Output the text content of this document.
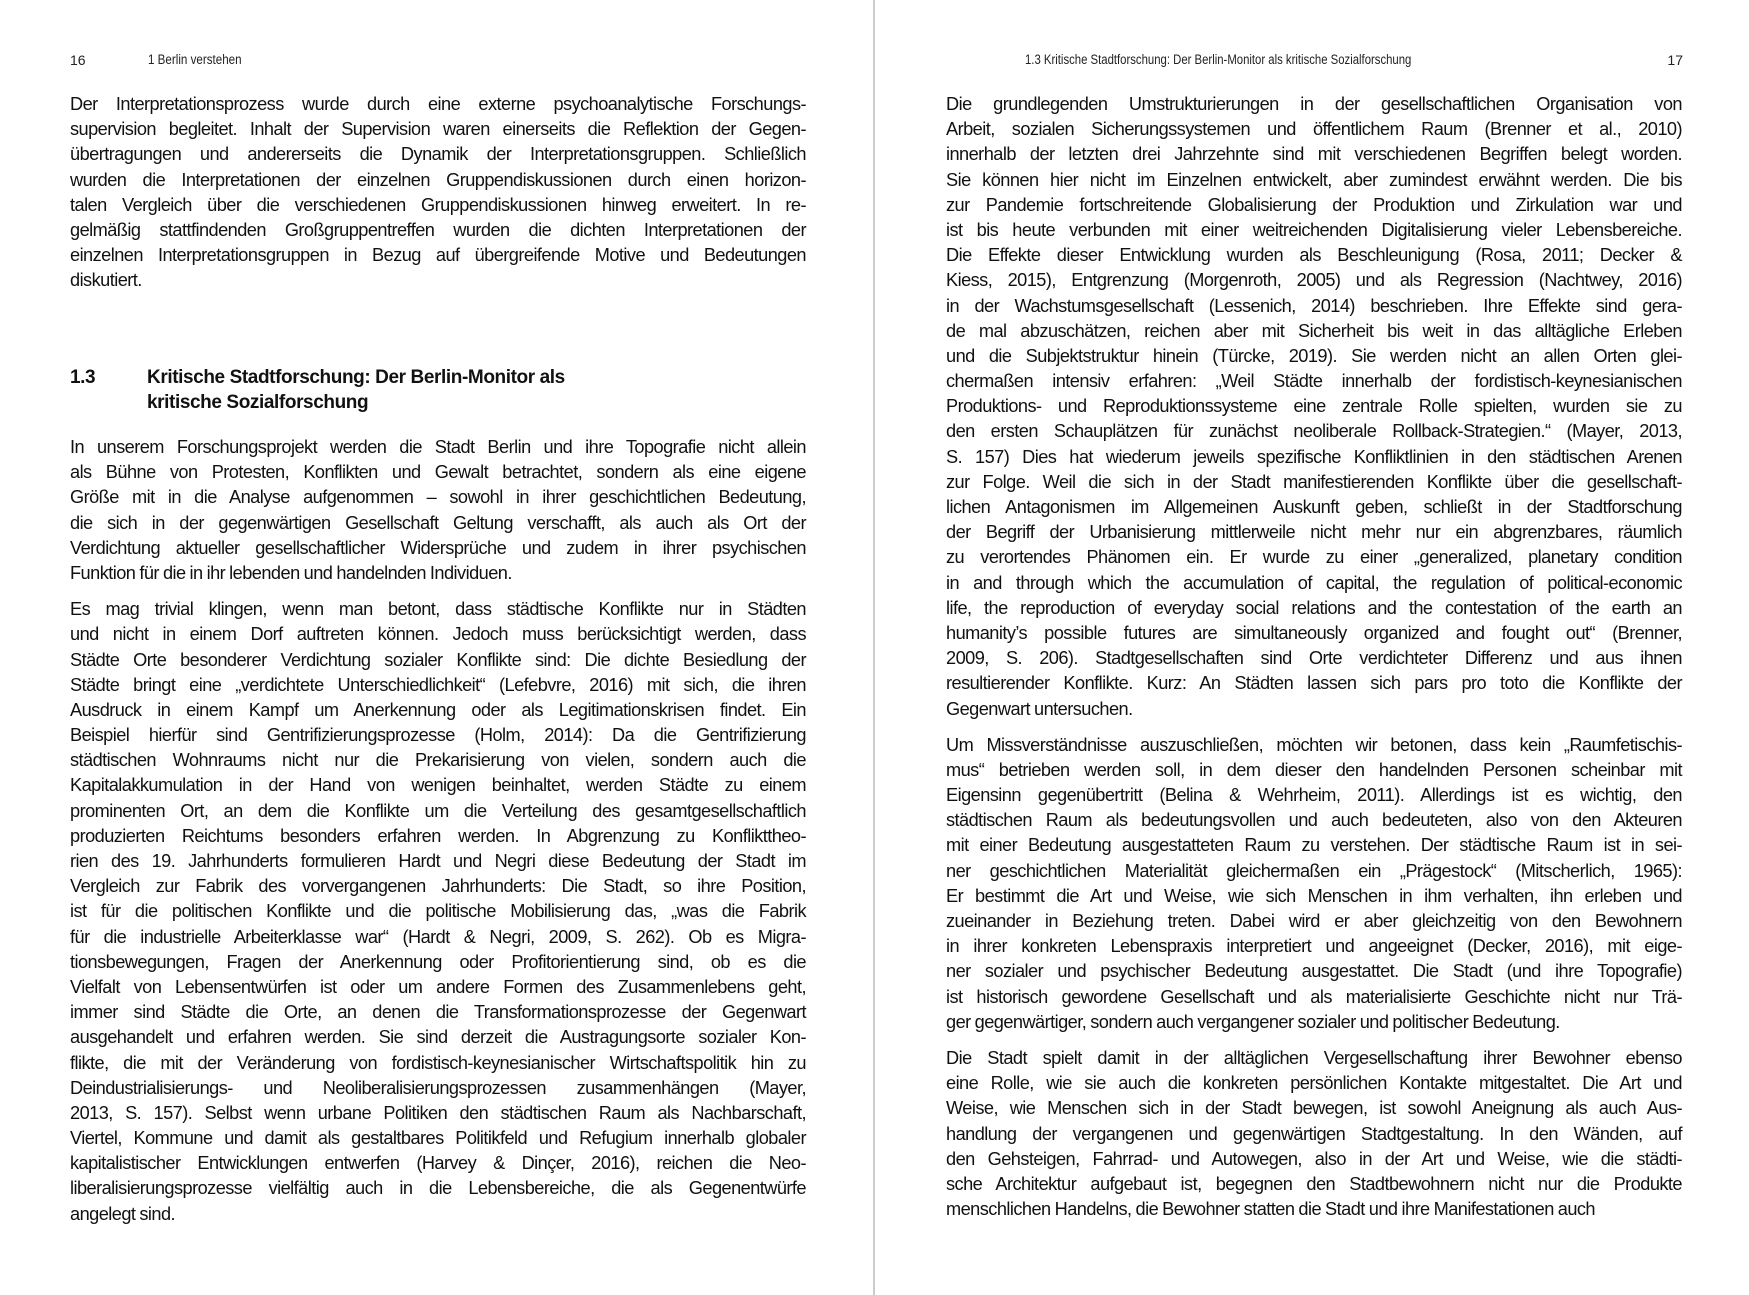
16	1 Berlin verstehen
Der Interpretationsprozess wurde durch eine externe psychoanalytische Forschungs-
supervision begleitet. Inhalt der Supervision waren einerseits die Reflektion der Gegen-
übertragungen und andererseits die Dynamik der Interpretationsgruppen. Schließlich
wurden die Interpretationen der einzelnen Gruppendiskussionen durch einen horizon-
talen Vergleich über die verschiedenen Gruppendiskussionen hinweg erweitert. In re-
gelmäßig stattfindenden Großgruppentreffen wurden die dichten Interpretationen der
einzelnen Interpretationsgruppen in Bezug auf übergreifende Motive und Bedeutungen
diskutiert.
1.3	Kritische Stadtforschung: Der Berlin-Monitor als
kritische Sozialforschung
In unserem Forschungsprojekt werden die Stadt Berlin und ihre Topografie nicht allein
als Bühne von Protesten, Konflikten und Gewalt betrachtet, sondern als eine eigene
Größe mit in die Analyse aufgenommen – sowohl in ihrer geschichtlichen Bedeutung,
die sich in der gegenwärtigen Gesellschaft Geltung verschafft, als auch als Ort der
Verdichtung aktueller gesellschaftlicher Widersprüche und zudem in ihrer psychischen
Funktion für die in ihr lebenden und handelnden Individuen.
Es mag trivial klingen, wenn man betont, dass städtische Konflikte nur in Städten
und nicht in einem Dorf auftreten können. Jedoch muss berücksichtigt werden, dass
Städte Orte besonderer Verdichtung sozialer Konflikte sind: Die dichte Besiedlung der
Städte bringt eine „verdichtete Unterschiedlichkeit“ (Lefebvre, 2016) mit sich, die ihren
Ausdruck in einem Kampf um Anerkennung oder als Legitimationskrisen findet. Ein
Beispiel hierfür sind Gentrifizierungsprozesse (Holm, 2014): Da die Gentrifizierung
städtischen Wohnraums nicht nur die Prekarisierung von vielen, sondern auch die
Kapitalakkumulation in der Hand von wenigen beinhaltet, werden Städte zu einem
prominenten Ort, an dem die Konflikte um die Verteilung des gesamtgesellschaftlich
produzierten Reichtums besonders erfahren werden. In Abgrenzung zu Konflikttheo-
rien des 19. Jahrhunderts formulieren Hardt und Negri diese Bedeutung der Stadt im
Vergleich zur Fabrik des vorvergangenen Jahrhunderts: Die Stadt, so ihre Position,
ist für die politischen Konflikte und die politische Mobilisierung das, „was die Fabrik
für die industrielle Arbeiterklasse war“ (Hardt & Negri, 2009, S. 262). Ob es Migra-
tionsbewegungen, Fragen der Anerkennung oder Profitorientierung sind, ob es die
Vielfalt von Lebensentwürfen ist oder um andere Formen des Zusammenlebens geht,
immer sind Städte die Orte, an denen die Transformationsprozesse der Gegenwart
ausgehandelt und erfahren werden. Sie sind derzeit die Austragungsorte sozialer Kon-
flikte, die mit der Veränderung von fordistisch-keynesianischer Wirtschaftspolitik hin zu
Deindustrialisierungs- und Neoliberalisierungsprozessen zusammenhängen (Mayer,
2013, S. 157). Selbst wenn urbane Politiken den städtischen Raum als Nachbarschaft,
Viertel, Kommune und damit als gestaltbares Politikfeld und Refugium innerhalb globaler
kapitalistischer Entwicklungen entwerfen (Harvey & Dinçer, 2016), reichen die Neo-
liberalisierungsprozesse vielfältig auch in die Lebensbereiche, die als Gegenentwürfe
angelegt sind.
1.3 Kritische Stadtforschung: Der Berlin-Monitor als kritische Sozialforschung	17
Die grundlegenden Umstrukturierungen in der gesellschaftlichen Organisation von
Arbeit, sozialen Sicherungssystemen und öffentlichem Raum (Brenner et al., 2010)
innerhalb der letzten drei Jahrzehnte sind mit verschiedenen Begriffen belegt worden.
Sie können hier nicht im Einzelnen entwickelt, aber zumindest erwähnt werden. Die bis
zur Pandemie fortschreitende Globalisierung der Produktion und Zirkulation war und
ist bis heute verbunden mit einer weitreichenden Digitalisierung vieler Lebensbereiche.
Die Effekte dieser Entwicklung wurden als Beschleunigung (Rosa, 2011; Decker &
Kiess, 2015), Entgrenzung (Morgenroth, 2005) und als Regression (Nachtwey, 2016)
in der Wachstumsgesellschaft (Lessenich, 2014) beschrieben. Ihre Effekte sind gera-
de mal abzuschätzen, reichen aber mit Sicherheit bis weit in das alltägliche Erleben
und die Subjektstruktur hinein (Türcke, 2019). Sie werden nicht an allen Orten glei-
chermaßen intensiv erfahren: „Weil Städte innerhalb der fordistisch-keynesianischen
Produktions- und Reproduktionssysteme eine zentrale Rolle spielten, wurden sie zu
den ersten Schauplätzen für zunächst neoliberale Rollback-Strategien.“ (Mayer, 2013,
S. 157) Dies hat wiederum jeweils spezifische Konfliktlinien in den städtischen Arenen
zur Folge. Weil die sich in der Stadt manifestierenden Konflikte über die gesellschaft-
lichen Antagonismen im Allgemeinen Auskunft geben, schließt in der Stadtforschung
der Begriff der Urbanisierung mittlerweile nicht mehr nur ein abgrenzbares, räumlich
zu verortendes Phänomen ein. Er wurde zu einer „generalized, planetary condition
in and through which the accumulation of capital, the regulation of political-economic
life, the reproduction of everyday social relations and the contestation of the earth an
humanity’s possible futures are simultaneously organized and fought out“ (Brenner,
2009, S. 206). Stadtgesellschaften sind Orte verdichteter Differenz und aus ihnen
resultierender Konflikte. Kurz: An Städten lassen sich pars pro toto die Konflikte der
Gegenwart untersuchen.
Um Missverständnisse auszuschließen, möchten wir betonen, dass kein „Raumfetischis-
mus“ betrieben werden soll, in dem dieser den handelnden Personen scheinbar mit
Eigensinn gegenübertritt (Belina & Wehrheim, 2011). Allerdings ist es wichtig, den
städtischen Raum als bedeutungsvollen und auch bedeuteten, also von den Akteuren
mit einer Bedeutung ausgestatteten Raum zu verstehen. Der städtische Raum ist in sei-
ner geschichtlichen Materialität gleichermaßen ein „Prägestock“ (Mitscherlich, 1965):
Er bestimmt die Art und Weise, wie sich Menschen in ihm verhalten, ihn erleben und
zueinander in Beziehung treten. Dabei wird er aber gleichzeitig von den Bewohnern
in ihrer konkreten Lebenspraxis interpretiert und angeeignet (Decker, 2016), mit eige-
ner sozialer und psychischer Bedeutung ausgestattet. Die Stadt (und ihre Topografie)
ist historisch gewordene Gesellschaft und als materialisierte Geschichte nicht nur Trä-
ger gegenwärtiger, sondern auch vergangener sozialer und politischer Bedeutung.
Die Stadt spielt damit in der alltäglichen Vergesellschaftung ihrer Bewohner ebenso
eine Rolle, wie sie auch die konkreten persönlichen Kontakte mitgestaltet. Die Art und
Weise, wie Menschen sich in der Stadt bewegen, ist sowohl Aneignung als auch Aus-
handlung der vergangenen und gegenwärtigen Stadtgestaltung. In den Wänden, auf
den Gehsteigen, Fahrrad- und Autowegen, also in der Art und Weise, wie die städti-
sche Architektur aufgebaut ist, begegnen den Stadtbewohnern nicht nur die Produkte
menschlichen Handelns, die Bewohner statten die Stadt und ihre Manifestationen auch
